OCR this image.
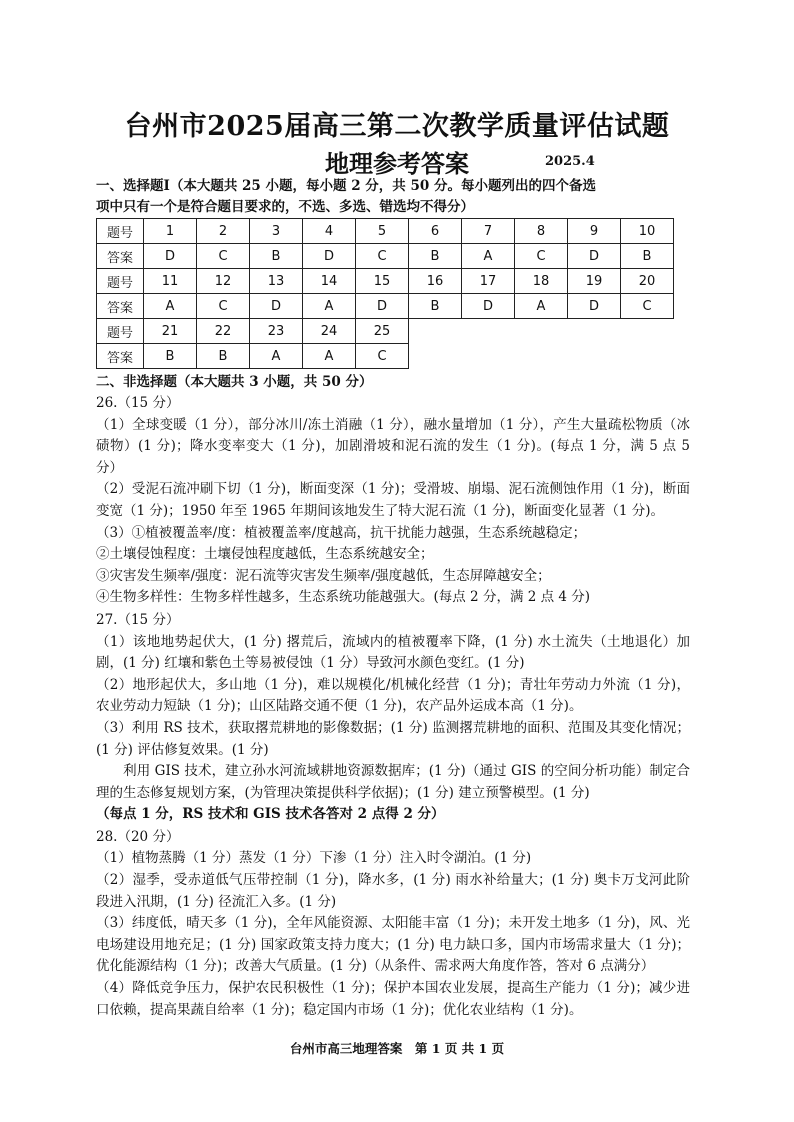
台州市2025届高三第二次教学质量评估试题
地理参考答案	2025.4
一、选择题Ⅰ（本大题共 25 小题，每小题 2 分，共 50 分。每小题列出的四个备选
项中只有一个是符合题目要求的，不选、多选、错选均不得分）
题号	1	2	3	4	5	6	7	8	9	10
答案	D	C	B	D	C	B	A	C	D	B
题号	11	12	13	14	15	16	17	18	19	20
答案	A	C	D	A	D	B	D	A	D	C
题号	21	22	23	24	25					
答案	B	B	A	A	C					
二、非选择题（本大题共 3 小题，共 50 分）

26.（15 分）

（1）全球变暖（1 分），部分冰川/冻土消融（1 分），融水量增加（1 分），产生大量疏松物质（冰碛物）(1 分)；降水变率变大（1 分)，加剧滑坡和泥石流的发生（1 分)。(每点 1 分，满 5 点 5 分）

（2）受泥石流冲刷下切（1 分)，断面变深（1 分)；受滑坡、崩塌、泥石流侧蚀作用（1 分)，断面变宽（1 分)；1950 年至 1965 年期间该地发生了特大泥石流（1 分)，断面变化显著（1 分)。

（3）①植被覆盖率/度：植被覆盖率/度越高，抗干扰能力越强，生态系统越稳定；

②土壤侵蚀程度：土壤侵蚀程度越低，生态系统越安全；

③灾害发生频率/强度：泥石流等灾害发生频率/强度越低，生态屏障越安全；

④生物多样性：生物多样性越多，生态系统功能越强大。(每点 2 分，满 2 点 4 分)

27.（15 分）

（1）该地地势起伏大，(1 分) 撂荒后，流域内的植被覆率下降，(1 分) 水土流失（土地退化）加剧，(1 分) 红壤和紫色土等易被侵蚀（1 分）导致河水颜色变红。(1 分)

（2）地形起伏大，多山地（1 分)，难以规模化/机械化经营（1 分)；青壮年劳动力外流（1 分)，农业劳动力短缺（1 分)；山区陆路交通不便（1 分)，农产品外运成本高（1 分)。

（3）利用 RS 技术，获取撂荒耕地的影像数据；(1 分) 监测撂荒耕地的面积、范围及其变化情况；(1 分) 评估修复效果。(1 分)

　　利用 GIS 技术，建立孙水河流域耕地资源数据库；(1 分)（通过 GIS 的空间分析功能）制定合理的生态修复规划方案，(为管理决策提供科学依据)；(1 分) 建立预警模型。(1 分)

（每点 1 分，RS 技术和 GIS 技术各答对 2 点得 2 分）

28.（20 分）

（1）植物蒸腾（1 分）蒸发（1 分）下渗（1 分）注入时令湖泊。(1 分)

（2）湿季，受赤道低气压带控制（1 分)，降水多，(1 分) 雨水补给量大；(1 分) 奥卡万戈河此阶段进入汛期，(1 分) 径流汇入多。(1 分)

（3）纬度低，晴天多（1 分)，全年风能资源、太阳能丰富（1 分)；未开发土地多（1 分)，风、光电场建设用地充足；(1 分) 国家政策支持力度大；(1 分) 电力缺口多，国内市场需求量大（1 分)；优化能源结构（1 分)；改善大气质量。(1 分)（从条件、需求两大角度作答，答对 6 点满分）

（4）降低竞争压力，保护农民积极性（1 分)；保护本国农业发展，提高生产能力（1 分)；减少进口依赖，提高果蔬自给率（1 分)；稳定国内市场（1 分)；优化农业结构（1 分)。

台州市高三地理答案　第 1 页 共 1 页
